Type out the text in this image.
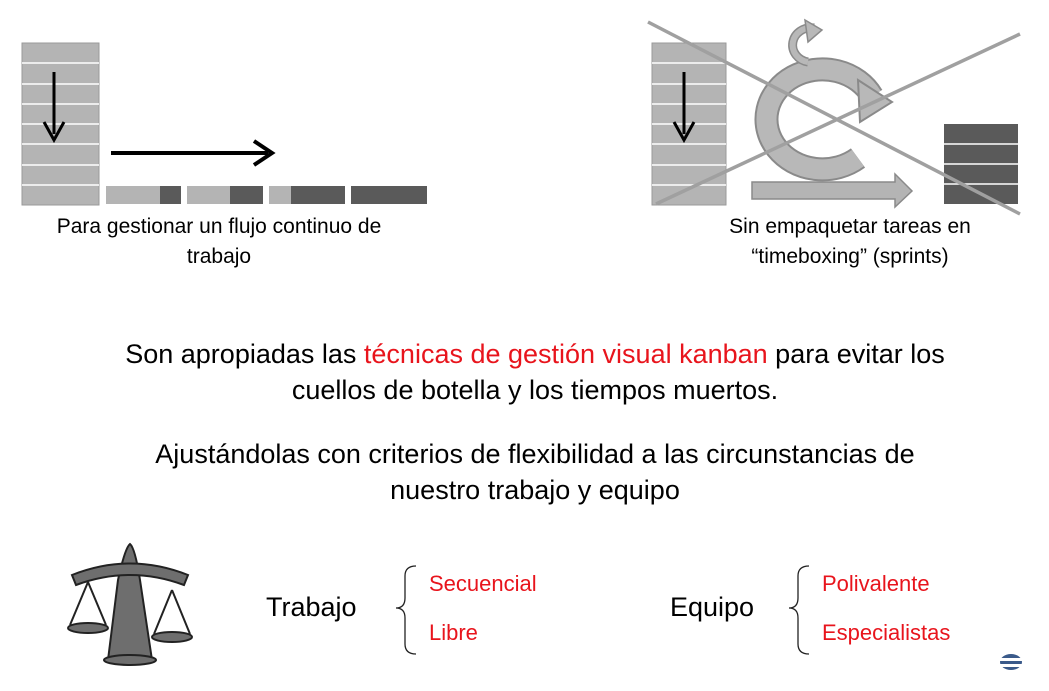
Para gestionar un flujo continuo de
trabajo
Sin empaquetar tareas en
“timeboxing” (sprints)
Son apropiadas las técnicas de gestión visual kanban para evitar los
cuellos de botella y los tiempos muertos.
Ajustándolas con criterios de flexibilidad a las circunstancias de
nuestro trabajo y equipo
Trabajo
Secuencial
Libre
Equipo
Polivalente
Especialistas
